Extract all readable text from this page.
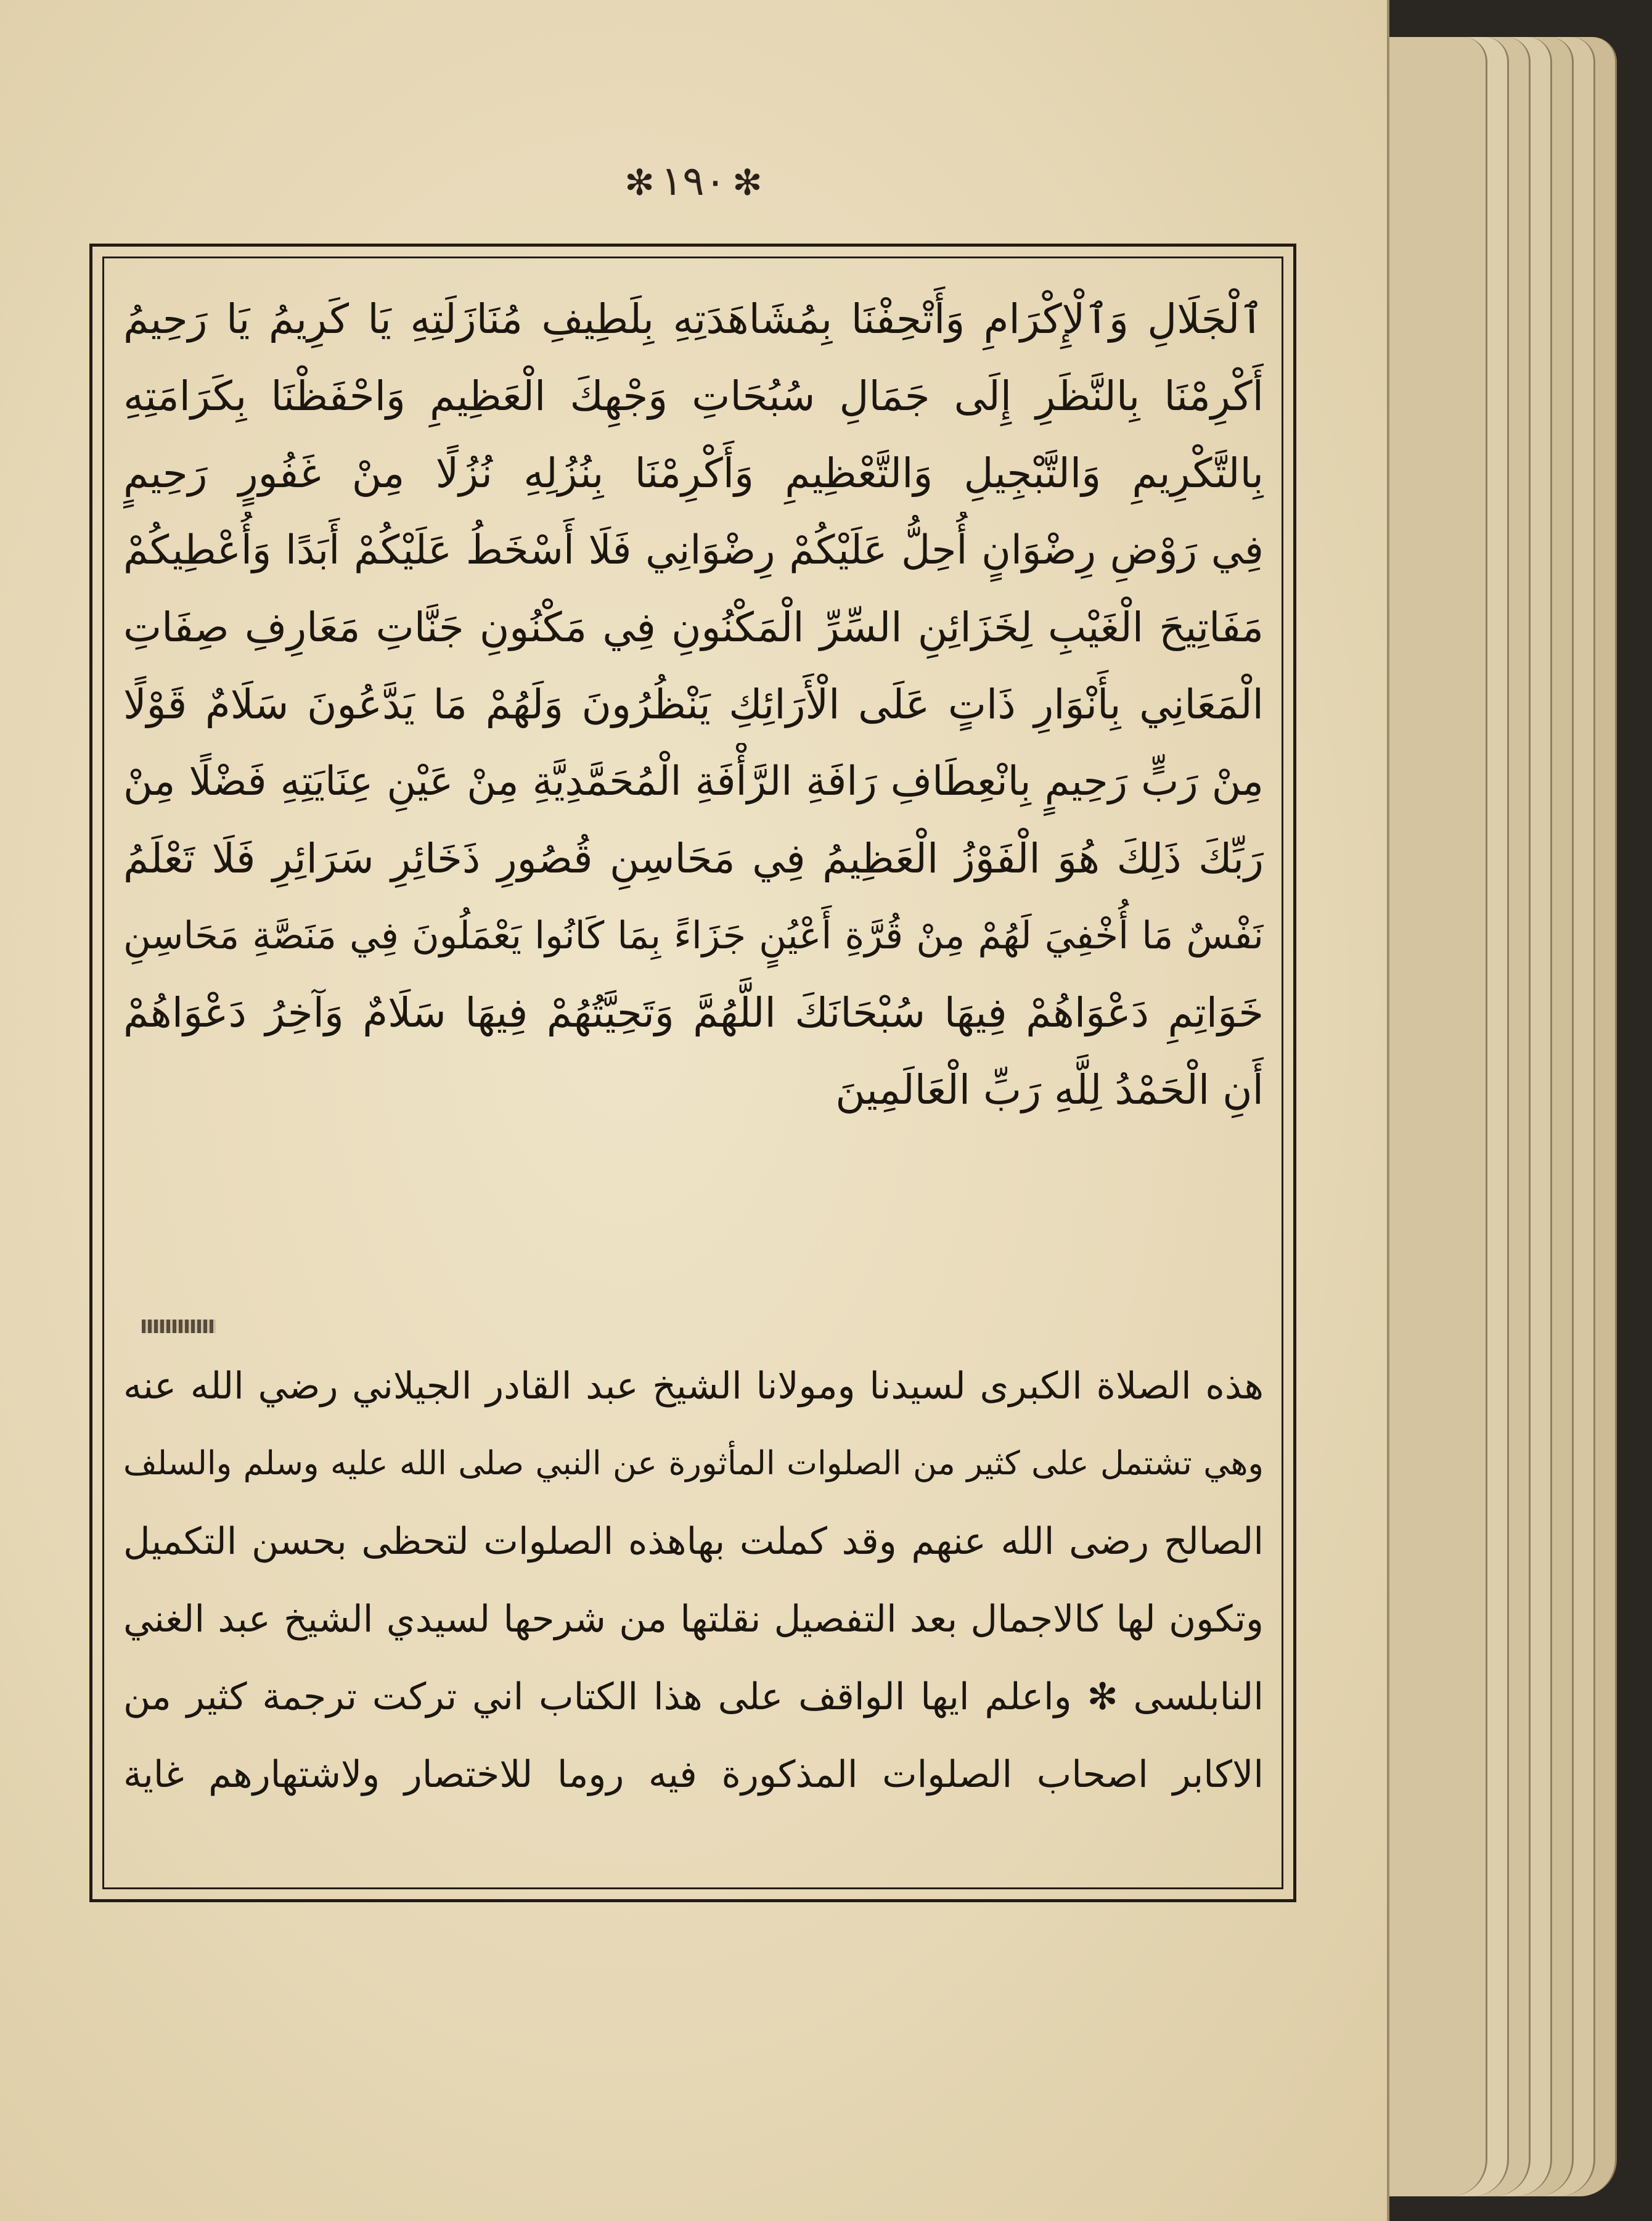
✻١٩٠✻
ٱلْجَلَالِ وَٱلْإِكْرَامِ وَأَتْحِفْنَا بِمُشَاهَدَتِهِ بِلَطِيفِ مُنَازَلَتِهِ يَا كَرِيمُ يَا رَحِيمُ
أَكْرِمْنَا بِالنَّظَرِ إِلَى جَمَالِ سُبُحَاتِ وَجْهِكَ الْعَظِيمِ وَاحْفَظْنَا بِكَرَامَتِهِ
بِالتَّكْرِيمِ وَالتَّبْجِيلِ وَالتَّعْظِيمِ وَأَكْرِمْنَا بِنُزُلِهِ نُزُلًا مِنْ غَفُورٍ رَحِيمٍ
فِي رَوْضِ رِضْوَانٍ أُحِلُّ عَلَيْكُمْ رِضْوَانِي فَلَا أَسْخَطُ عَلَيْكُمْ أَبَدًا وَأُعْطِيكُمْ
مَفَاتِيحَ الْغَيْبِ لِخَزَائِنِ السِّرِّ الْمَكْنُونِ فِي مَكْنُونِ جَنَّاتِ مَعَارِفِ صِفَاتِ
الْمَعَانِي بِأَنْوَارِ ذَاتٍ عَلَى الْأَرَائِكِ يَنْظُرُونَ وَلَهُمْ مَا يَدَّعُونَ سَلَامٌ قَوْلًا
مِنْ رَبٍّ رَحِيمٍ بِانْعِطَافِ رَافَةِ الرَّأْفَةِ الْمُحَمَّدِيَّةِ مِنْ عَيْنِ عِنَايَتِهِ فَضْلًا مِنْ
رَبِّكَ ذَلِكَ هُوَ الْفَوْزُ الْعَظِيمُ فِي مَحَاسِنِ قُصُورِ ذَخَائِرِ سَرَائِرِ فَلَا تَعْلَمُ
نَفْسٌ مَا أُخْفِيَ لَهُمْ مِنْ قُرَّةِ أَعْيُنٍ جَزَاءً بِمَا كَانُوا يَعْمَلُونَ فِي مَنَصَّةِ مَحَاسِنِ
خَوَاتِمِ دَعْوَاهُمْ فِيهَا سُبْحَانَكَ اللَّهُمَّ وَتَحِيَّتُهُمْ فِيهَا سَلَامٌ وَآخِرُ دَعْوَاهُمْ
أَنِ الْحَمْدُ لِلَّهِ رَبِّ الْعَالَمِينَ
هذه الصلاة الكبرى لسيدنا ومولانا الشيخ عبد القادر الجيلاني رضي الله عنه
وهي تشتمل على كثير من الصلوات المأثورة عن النبي صلى الله عليه وسلم والسلف
الصالح رضى الله عنهم وقد كملت بهاهذه الصلوات لتحظى بحسن التكميل
وتكون لها كالاجمال بعد التفصيل نقلتها من شرحها لسيدي الشيخ عبد الغني
النابلسى ✻ واعلم ايها الواقف على هذا الكتاب اني تركت ترجمة كثير من
الاكابر اصحاب الصلوات المذكورة فيه روما للاختصار ولاشتهارهم غاية
